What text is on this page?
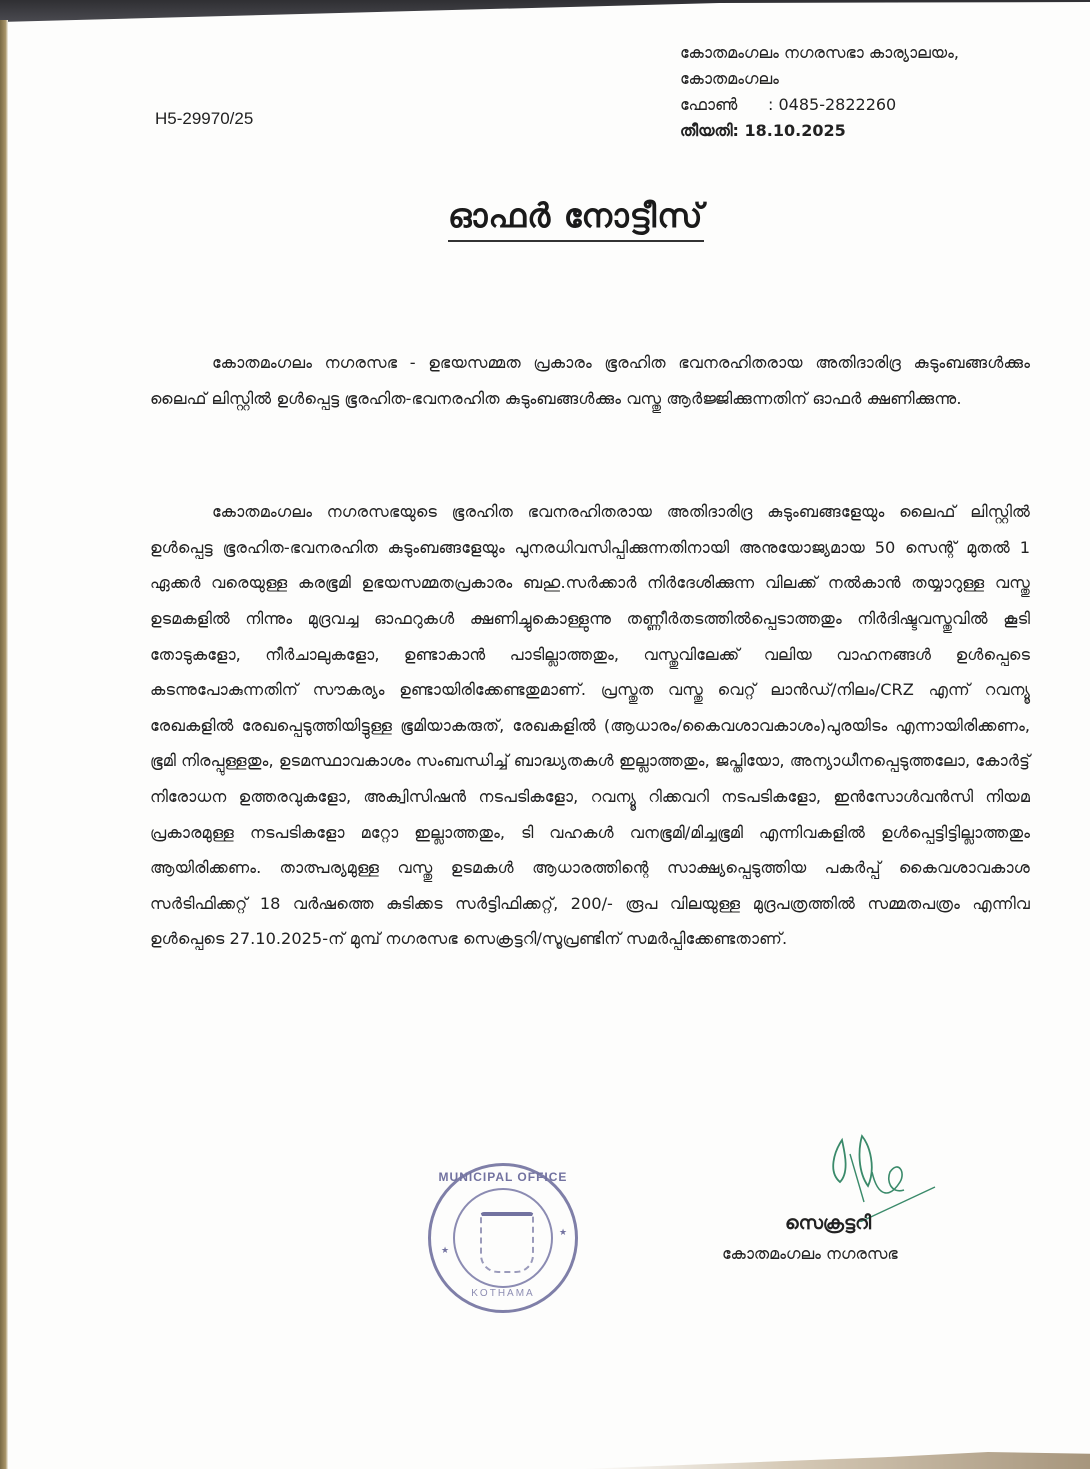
H5-29970/25
കോതമംഗലം നഗരസഭാ കാര്യാലയം,
കോതമംഗലം
ഫോൺ : 0485-2822260
തീയതി: 18.10.2025
ഓഫർ നോട്ടീസ്

കോതമംഗലം നഗരസഭ - ഉഭയസമ്മത പ്രകാരം ഭൂരഹിത ഭവനരഹിതരായ അതിദാരിദ്ര കുടുംബങ്ങൾക്കും ലൈഫ് ലിസ്റ്റിൽ ഉൾപ്പെട്ട ഭൂരഹിത-ഭവനരഹിത കുടുംബങ്ങൾക്കും വസ്തു ആർജ്ജിക്കുന്നതിന് ഓഫർ ക്ഷണിക്കുന്നു.

കോതമംഗലം നഗരസഭയുടെ ഭൂരഹിത ഭവനരഹിതരായ അതിദാരിദ്ര കുടുംബങ്ങളേയും ലൈഫ് ലിസ്റ്റിൽ ഉൾപ്പെട്ട ഭൂരഹിത-ഭവനരഹിത കുടുംബങ്ങളേയും പുനരധിവസിപ്പിക്കുന്നതിനായി അനുയോജ്യമായ 50 സെന്റ് മുതൽ 1 ഏക്കർ വരെയുള്ള കരഭൂമി ഉഭയസമ്മതപ്രകാരം ബഹു.സർക്കാർ നിർദേശിക്കുന്ന വിലക്ക് നൽകാൻ തയ്യാറുള്ള വസ്തു ഉടമകളിൽ നിന്നും മുദ്രവച്ച ഓഫറുകൾ ക്ഷണിച്ചുകൊള്ളുന്നു തണ്ണീർതടത്തിൽപ്പെടാത്തതും നിർദിഷ്ടവസ്തുവിൽ കൂടി തോടുകളോ, നീർചാലുകളോ, ഉണ്ടാകാൻ പാടില്ലാത്തതും, വസ്തുവിലേക്ക് വലിയ വാഹനങ്ങൾ ഉൾപ്പെടെ കടന്നുപോകുന്നതിന് സൗകര്യം ഉണ്ടായിരിക്കേണ്ടതുമാണ്. പ്രസ്തുത വസ്തു വെറ്റ് ലാൻഡ്/നിലം/CRZ എന്ന് റവന്യൂ രേഖകളിൽ രേഖപ്പെടുത്തിയിട്ടുള്ള ഭൂമിയാകരുത്, രേഖകളിൽ (ആധാരം/കൈവശാവകാശം)പുരയിടം എന്നായിരിക്കണം, ഭൂമി നിരപ്പുള്ളതും, ഉടമസ്ഥാവകാശം സംബന്ധിച്ച് ബാദ്ധ്യതകൾ ഇല്ലാത്തതും, ജപ്തിയോ, അന്യാധീനപ്പെടുത്തലോ, കോർട്ട് നിരോധന ഉത്തരവുകളോ, അക്വിസിഷൻ നടപടികളോ, റവന്യൂ റിക്കവറി നടപടികളോ, ഇൻസോൾവൻസി നിയമ പ്രകാരമുള്ള നടപടികളോ മറ്റോ ഇല്ലാത്തതും, ടി വഹകൾ വനഭൂമി/മിച്ചഭൂമി എന്നിവകളിൽ ഉൾപ്പെട്ടിട്ടില്ലാത്തതും ആയിരിക്കണം. താത്പര്യമുള്ള വസ്തു ഉടമകൾ ആധാരത്തിന്റെ സാക്ഷ്യപ്പെടുത്തിയ പകർപ്പ് കൈവശാവകാശ സർടിഫിക്കറ്റ് 18 വർഷത്തെ കുടിക്കട സർട്ടിഫിക്കറ്റ്, 200/- രൂപ വിലയുള്ള മുദ്രപത്രത്തിൽ സമ്മതപത്രം എന്നിവ ഉൾപ്പെടെ 27.10.2025-ന് മുമ്പ് നഗരസഭ സെക്രട്ടറി/സൂപ്രണ്ടിന് സമർപ്പിക്കേണ്ടതാണ്.

MUNICIPAL OFFICE
★
★
KOTHAMA
സെക്രട്ടറി
കോതമംഗലം നഗരസഭ
